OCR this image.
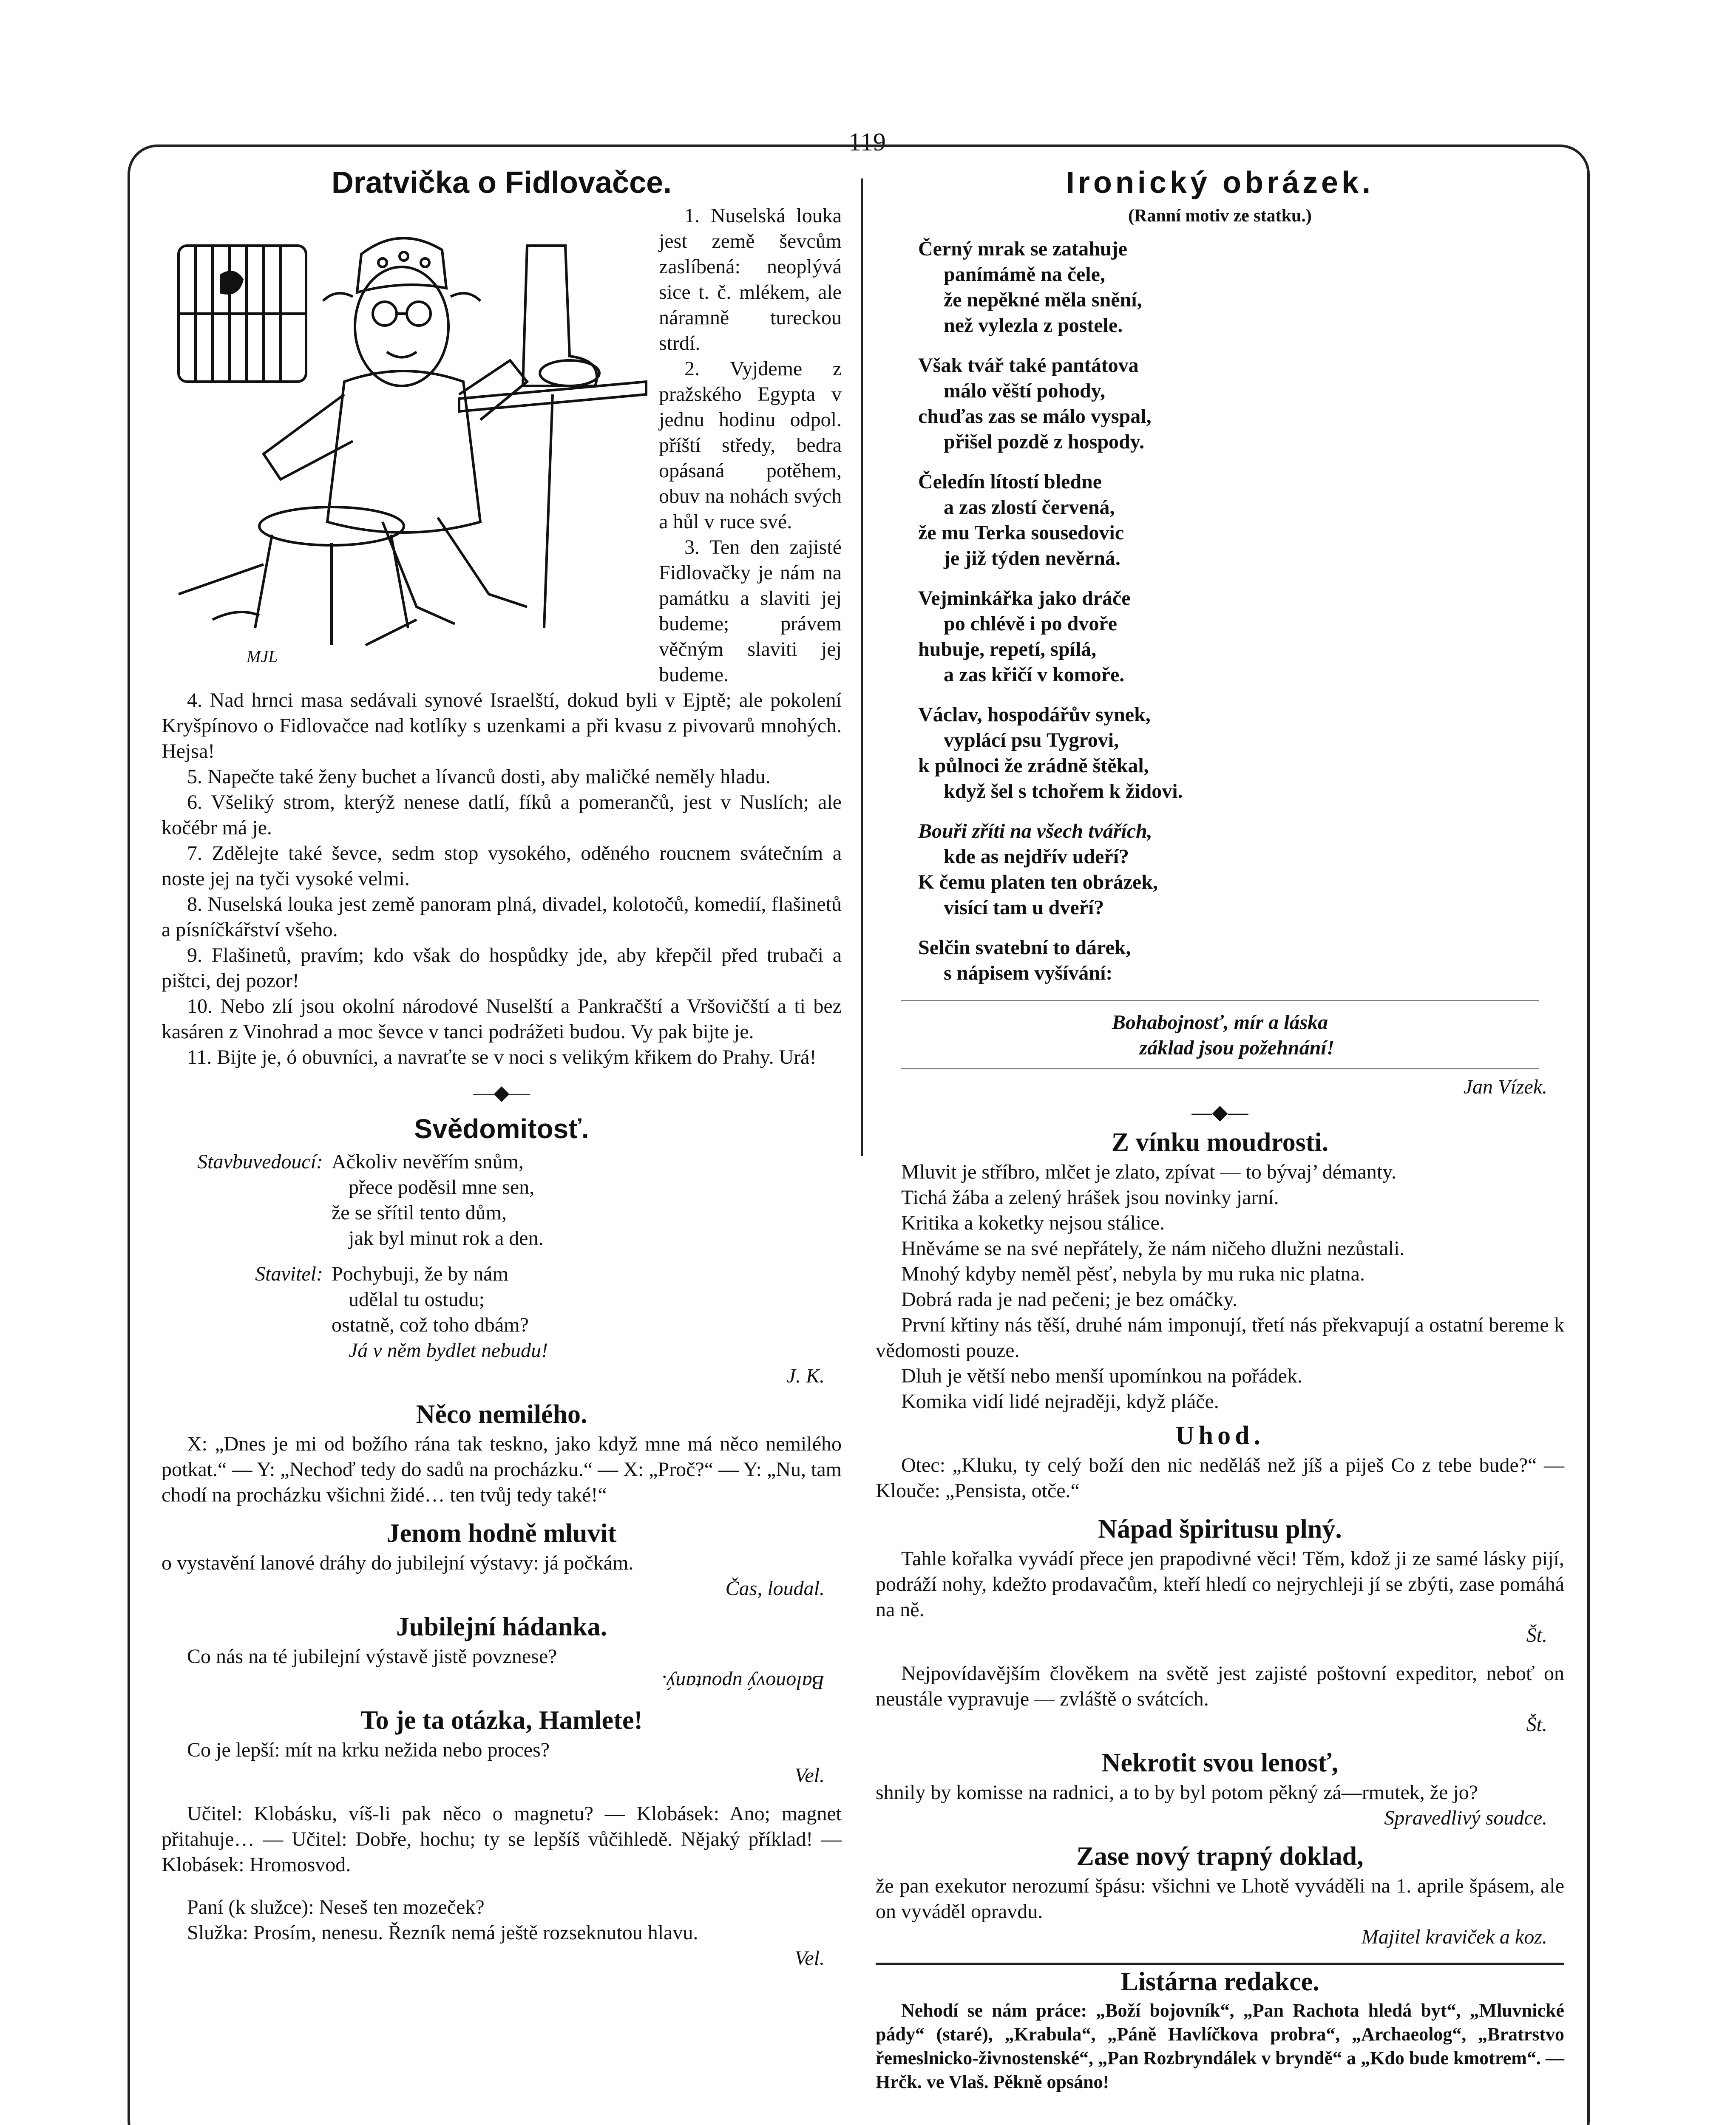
119
Dratvička o Fidlovačce.
MJL

1. Nuselská louka jest země ševcům zaslíbená: neoplývá sice t. č. mlékem, ale náramně tureckou strdí.

2. Vyjdeme z pražského Egypta v jednu hodinu odpol. příští středy, bedra opásaná potěhem, obuv na nohách svých a hůl v ruce své.

3. Ten den zajisté Fidlovačky je nám na památku a slaviti jej budeme; právem věčným slaviti jej budeme.

4. Nad hrnci masa sedávali synové Israelští, dokud byli v Ejptě; ale pokolení Kryšpínovo o Fidlovačce nad kotlíky s uzenkami a při kvasu z pivovarů mnohých. Hejsa!

5. Napečte také ženy buchet a lívanců dosti, aby maličké neměly hladu.

6. Všeliký strom, kterýž nenese datlí, fíků a pomerančů, jest v Nuslích; ale kočébr má je.

7. Zdělejte také ševce, sedm stop vysokého, oděného roucnem svátečním a noste jej na tyči vysoké velmi.

8. Nuselská louka jest země panoram plná, divadel, kolotočů, komedií, flašinetů a písníčkářství všeho.

9. Flašinetů, pravím; kdo však do hospůdky jde, aby křepčil před trubači a pištci, dej pozor!

10. Nebo zlí jsou okolní národové Nuselští a Pankračští a Vršovičští a ti bez kasáren z Vinohrad a moc ševce v tanci podrážeti budou. Vy pak bijte je.

11. Bijte je, ó obuvníci, a navraťte se v noci s velikým křikem do Prahy. Urá!

—◆—
Svědomitosť.
Stavbuvedoucí: Ačkoliv nevěřím snům,
přece poděsil mne sen,
že se sřítil tento dům,
jak byl minut rok a den.
Stavitel: Pochybuji, že by nám
udělal tu ostudu;
ostatně, což toho dbám?
Já v něm bydlet nebudu!
J. K.
Něco nemilého.

X: „Dnes je mi od božího rána tak teskno, jako když mne má něco nemilého potkat.“ — Y: „Nechoď tedy do sadů na procházku.“ — X: „Proč?“ — Y: „Nu, tam chodí na procházku všichni židé… ten tvůj tedy také!“

Jenom hodně mluvit

o vystavění lanové dráhy do jubilejní výstavy: já počkám.

Čas, loudal.
Jubilejní hádanka.

Co nás na té jubilejní výstavě jistě povznese?

Balonový upoutaný.
To je ta otázka, Hamlete!

Co je lepší: mít na krku nežida nebo proces?

Vel.

Učitel: Klobásku, víš-li pak něco o magnetu? — Klobásek: Ano; magnet přitahuje… — Učitel: Dobře, hochu; ty se lepšíš vůčihledě. Nějaký příklad! — Klobásek: Hromosvod.

Paní (k služce): Neseš ten mozeček?

Služka: Prosím, nenesu. Řezník nemá ještě rozseknutou hlavu.

Vel.
Ironický obrázek.
(Ranní motiv ze statku.)
Černý mrak se zatahuje
panímámě na čele,
že nepěkné měla snění,
než vylezla z postele.
Však tvář také pantátova
málo věští pohody,
chuďas zas se málo vyspal,
přišel pozdě z hospody.
Čeledín lítostí bledne
a zas zlostí červená,
že mu Terka sousedovic
je již týden nevěrná.
Vejminkářka jako dráče
po chlévě i po dvoře
hubuje, repetí, spílá,
a zas křičí v komoře.
Václav, hospodářův synek,
vyplácí psu Tygrovi,
k půlnoci že zrádně štěkal,
když šel s tchořem k židovi.
Bouři zříti na všech tvářích,
kde as nejdřív udeří?
K čemu platen ten obrázek,
visící tam u dveří?
Selčin svatební to dárek,
s nápisem vyšívání:
Bohabojnosť, mír a láska
základ jsou požehnání!
Jan Vízek.
—◆—
Z vínku moudrosti.

Mluvit je stříbro, mlčet je zlato, zpívat — to bývaj’ démanty.

Tichá žába a zelený hrášek jsou novinky jarní.

Kritika a koketky nejsou stálice.

Hněváme se na své nepřátely, že nám ničeho dlužni nezůstali.

Mnohý kdyby neměl pěsť, nebyla by mu ruka nic platna.

Dobrá rada je nad pečeni; je bez omáčky.

První křtiny nás těší, druhé nám imponují, třetí nás překvapují a ostatní bereme k vědomosti pouze.

Dluh je větší nebo menší upomínkou na pořádek.

Komika vidí lidé nejraději, když pláče.

Uhod.

Otec: „Kluku, ty celý boží den nic neděláš než jíš a piješ Co z tebe bude?“ — Klouče: „Pensista, otče.“

Nápad špiritusu plný.

Tahle kořalka vyvádí přece jen prapodivné věci! Těm, kdož ji ze samé lásky pijí, podráží nohy, kdežto prodavačům, kteří hledí co nejrychleji jí se zbýti, zase pomáhá na ně.

Št.

Nejpovídavějším člověkem na světě jest zajisté poštovní expeditor, neboť on neustále vypravuje — zvláště o svátcích.

Št.
Nekrotit svou lenosť,

shnily by komisse na radnici, a to by byl potom pěkný zá—rmutek, že jo?

Spravedlivý soudce.
Zase nový trapný doklad,

že pan exekutor nerozumí špásu: všichni ve Lhotě vyváděli na 1. aprile špásem, ale on vyváděl opravdu.

Majitel kraviček a koz.
Listárna redakce.

Nehodí se nám práce: „Boží bojovník“, „Pan Rachota hledá byt“, „Mluvnické pády“ (staré), „Krabula“, „Páně Havlíčkova probra“, „Archaeolog“, „Bratrstvo řemeslnicko-živnostenské“, „Pan Rozbryndálek v bryndě“ a „Kdo bude kmotrem“. — Hrčk. ve Vlaš. Pěkně opsáno!
